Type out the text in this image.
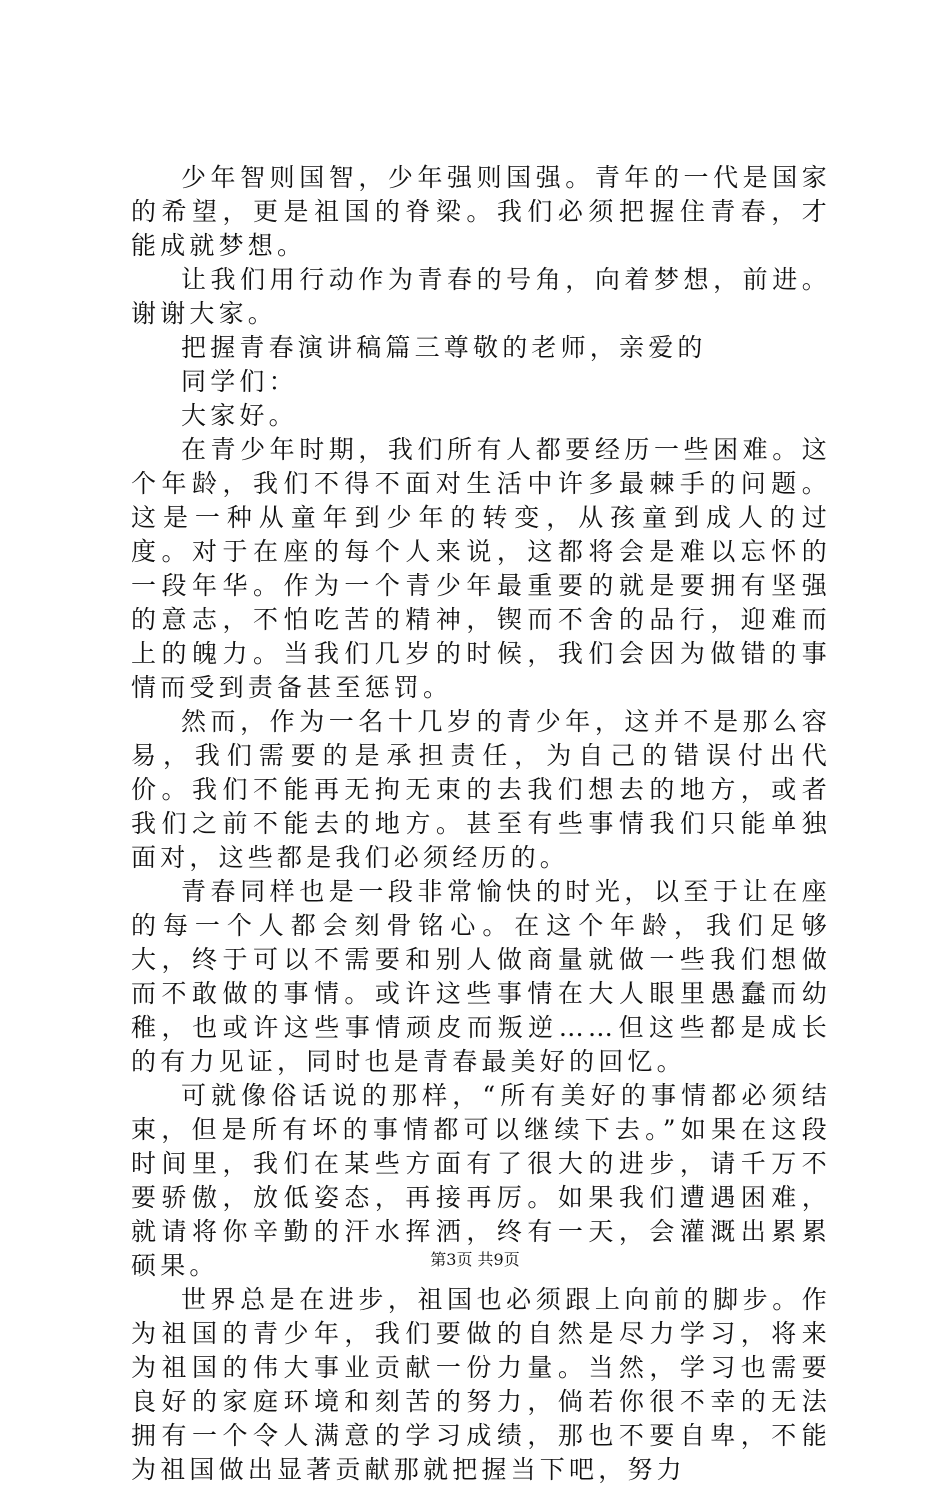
少年智则国智，少年强则国强。青年的一代是国家的希望，更是祖国的脊梁。我们必须把握住青春，才能成就梦想。

让我们用行动作为青春的号角，向着梦想，前进。谢谢大家。

把握青春演讲稿篇三尊敬的老师，亲爱的

同学们：

大家好。

在青少年时期，我们所有人都要经历一些困难。这个年龄，我们不得不面对生活中许多最棘手的问题。这是一种从童年到少年的转变，从孩童到成人的过度。对于在座的每个人来说，这都将会是难以忘怀的一段年华。作为一个青少年最重要的就是要拥有坚强的意志，不怕吃苦的精神，锲而不舍的品行，迎难而上的魄力。当我们几岁的时候，我们会因为做错的事情而受到责备甚至惩罚。

然而，作为一名十几岁的青少年，这并不是那么容易，我们需要的是承担责任，为自己的错误付出代价。我们不能再无拘无束的去我们想去的地方，或者我们之前不能去的地方。甚至有些事情我们只能单独面对，这些都是我们必须经历的。

青春同样也是一段非常愉快的时光，以至于让在座的每一个人都会刻骨铭心。在这个年龄，我们足够大，终于可以不需要和别人做商量就做一些我们想做而不敢做的事情。或许这些事情在大人眼里愚蠢而幼稚，也或许这些事情顽皮而叛逆……但这些都是成长的有力见证，同时也是青春最美好的回忆。

可就像俗话说的那样，“所有美好的事情都必须结束，但是所有坏的事情都可以继续下去。”如果在这段时间里，我们在某些方面有了很大的进步，请千万不要骄傲，放低姿态，再接再厉。如果我们遭遇困难，就请将你辛勤的汗水挥洒，终有一天，会灌溉出累累硕果。

世界总是在进步，祖国也必须跟上向前的脚步。作为祖国的青少年，我们要做的自然是尽力学习，将来为祖国的伟大事业贡献一份力量。当然，学习也需要良好的家庭环境和刻苦的努力，倘若你很不幸的无法拥有一个令人满意的学习成绩，那也不要自卑，不能为祖国做出显著贡献那就把握当下吧，努力

第3页 共9页
